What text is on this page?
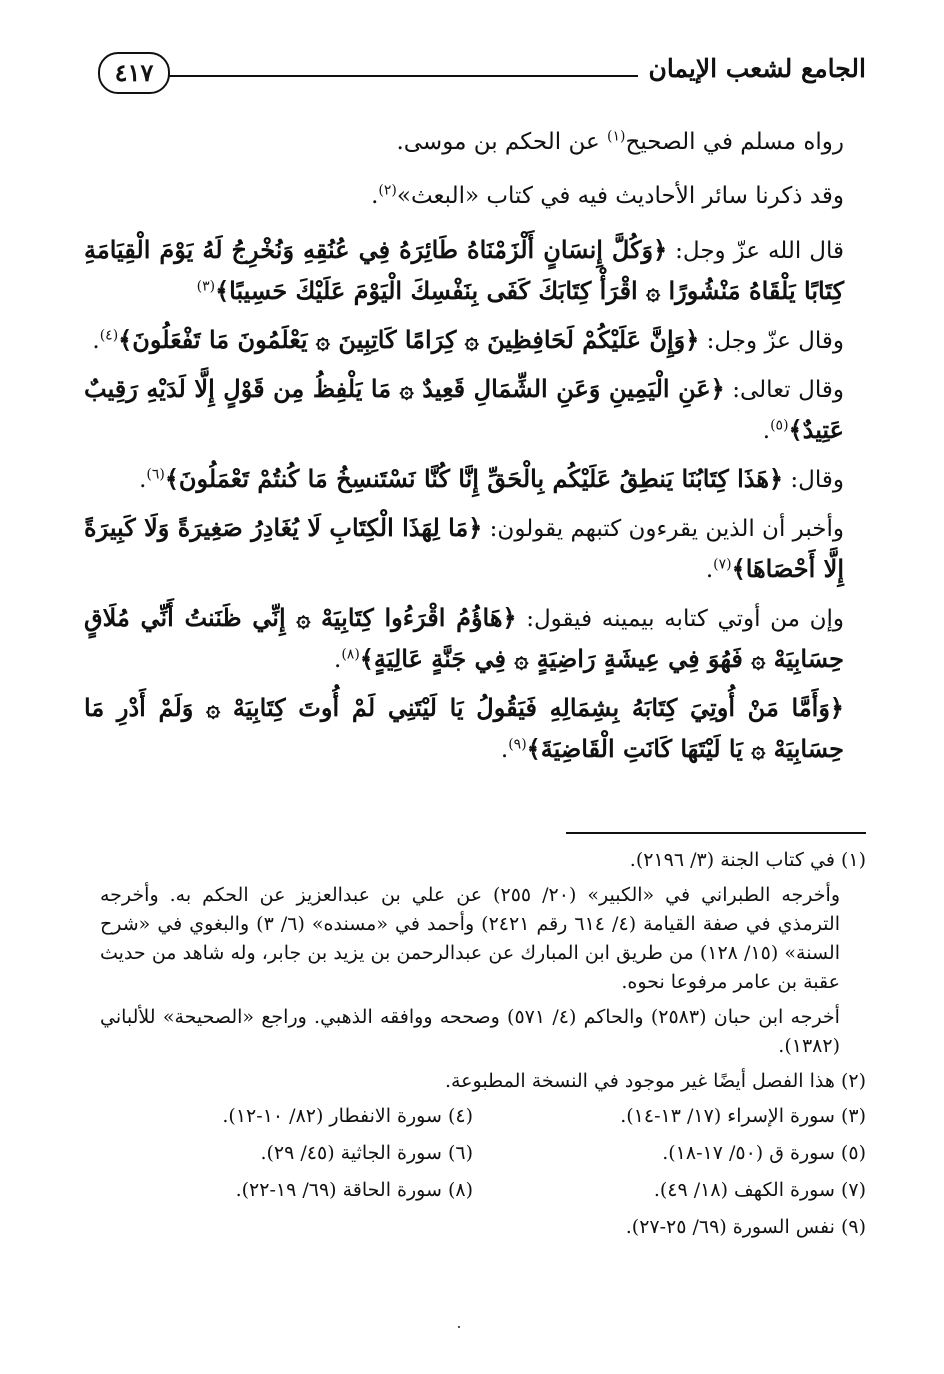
الجامع لشعب الإيمان
٤١٧

رواه مسلم في الصحيح$^{(١)}$ عن الحكم بن موسى.

وقد ذكرنا سائر الأحاديث فيه في كتاب «البعث»$^{(٢)}$.

قال الله عزّ وجل: ﴿وَكُلَّ إِنسَانٍ أَلْزَمْنَاهُ طَائِرَهُ فِي عُنُقِهِ وَنُخْرِجُ لَهُ يَوْمَ الْقِيَامَةِ كِتَابًا يَلْقَاهُ مَنْشُورًا ۞ اقْرَأْ كِتَابَكَ كَفَى بِنَفْسِكَ الْيَوْمَ عَلَيْكَ حَسِيبًا﴾$^{(٣)}$

وقال عزّ وجل: ﴿وَإِنَّ عَلَيْكُمْ لَحَافِظِينَ ۞ كِرَامًا كَاتِبِينَ ۞ يَعْلَمُونَ مَا تَفْعَلُونَ﴾$^{(٤)}$.

وقال تعالى: ﴿عَنِ الْيَمِينِ وَعَنِ الشِّمَالِ قَعِيدٌ ۞ مَا يَلْفِظُ مِن قَوْلٍ إِلَّا لَدَيْهِ رَقِيبٌ عَتِيدٌ﴾$^{(٥)}$.

وقال: ﴿هَذَا كِتَابُنَا يَنطِقُ عَلَيْكُم بِالْحَقِّ إِنَّا كُنَّا نَسْتَنسِخُ مَا كُنتُمْ تَعْمَلُونَ﴾$^{(٦)}$.

وأخبر أن الذين يقرءون كتبهم يقولون: ﴿مَا لِهَذَا الْكِتَابِ لَا يُغَادِرُ صَغِيرَةً وَلَا كَبِيرَةً إِلَّا أَحْصَاهَا﴾$^{(٧)}$.

وإن من أوتي كتابه بيمينه فيقول: ﴿هَاؤُمُ اقْرَءُوا كِتَابِيَهْ ۞ إِنِّي ظَنَنتُ أَنِّي مُلَاقٍ حِسَابِيَهْ ۞ فَهُوَ فِي عِيشَةٍ رَاضِيَةٍ ۞ فِي جَنَّةٍ عَالِيَةٍ﴾$^{(٨)}$.

﴿وَأَمَّا مَنْ أُوتِيَ كِتَابَهُ بِشِمَالِهِ فَيَقُولُ يَا لَيْتَنِي لَمْ أُوتَ كِتَابِيَهْ ۞ وَلَمْ أَدْرِ مَا حِسَابِيَهْ ۞ يَا لَيْتَهَا كَانَتِ الْقَاضِيَةَ﴾$^{(٩)}$.

(١) في كتاب الجنة (٣/ ٢١٩٦).

وأخرجه الطبراني في «الكبير» (٢٠/ ٢٥٥) عن علي بن عبدالعزيز عن الحكم به. وأخرجه الترمذي في صفة القيامة (٤/ ٦١٤ رقم ٢٤٢١) وأحمد في «مسنده» (٦/ ٣) والبغوي في «شرح السنة» (١٥/ ١٢٨) من طريق ابن المبارك عن عبدالرحمن بن يزيد بن جابر، وله شاهد من حديث عقبة بن عامر مرفوعا نحوه.

أخرجه ابن حبان (٢٥٨٣) والحاكم (٤/ ٥٧١) وصححه ووافقه الذهبي. وراجع «الصحيحة» للألباني (١٣٨٢).

(٢) هذا الفصل أيضًا غير موجود في النسخة المطبوعة.

(٣) سورة الإسراء (١٧/ ١٣-١٤).
(٤) سورة الانفطار (٨٢/ ١٠-١٢).
(٥) سورة ق (٥٠/ ١٧-١٨).
(٦) سورة الجاثية (٤٥/ ٢٩).
(٧) سورة الكهف (١٨/ ٤٩).
(٨) سورة الحاقة (٦٩/ ١٩-٢٢).
(٩) نفس السورة (٦٩/ ٢٥-٢٧).
